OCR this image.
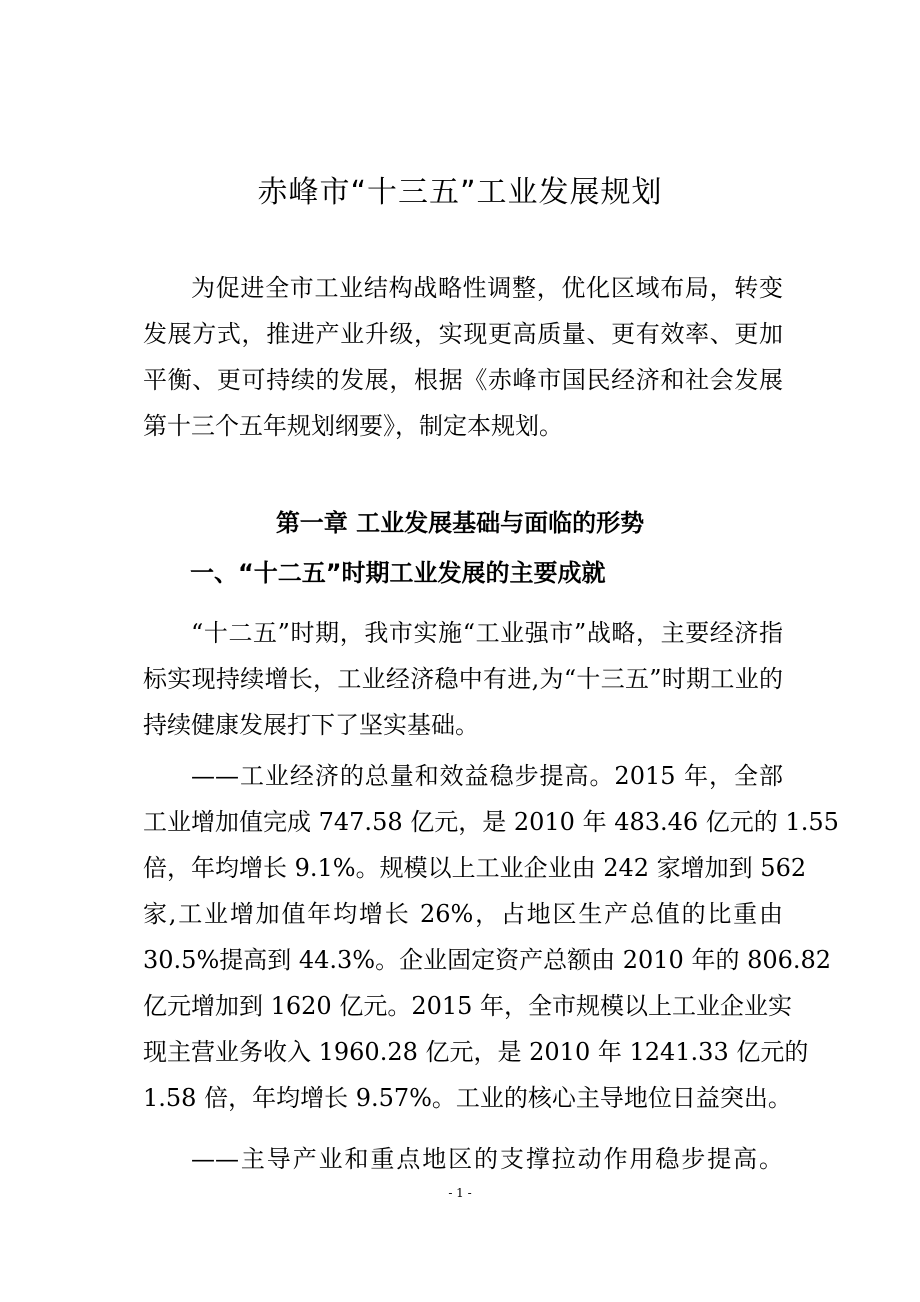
赤峰市“十三五”工业发展规划
为促进全市工业结构战略性调整，优化区域布局，转变
发展方式，推进产业升级，实现更高质量、更有效率、更加
平衡、更可持续的发展，根据《赤峰市国民经济和社会发展
第十三个五年规划纲要》，制定本规划。
第一章 工业发展基础与面临的形势
一、“十二五”时期工业发展的主要成就
“十二五”时期，我市实施“工业强市”战略，主要经济指
标实现持续增长，工业经济稳中有进,为“十三五”时期工业的
持续健康发展打下了坚实基础。
——工业经济的总量和效益稳步提高。2015 年，全部
工业增加值完成 747.58 亿元，是 2010 年 483.46 亿元的 1.55
倍，年均增长 9.1%。规模以上工业企业由 242 家增加到 562
家,工业增加值年均增长 26%，占地区生产总值的比重由
30.5%提高到 44.3%。企业固定资产总额由 2010 年的 806.82
亿元增加到 1620 亿元。2015 年，全市规模以上工业企业实
现主营业务收入 1960.28 亿元，是 2010 年 1241.33 亿元的
1.58 倍，年均增长 9.57%。工业的核心主导地位日益突出。
——主导产业和重点地区的支撑拉动作用稳步提高。
- 1 -
